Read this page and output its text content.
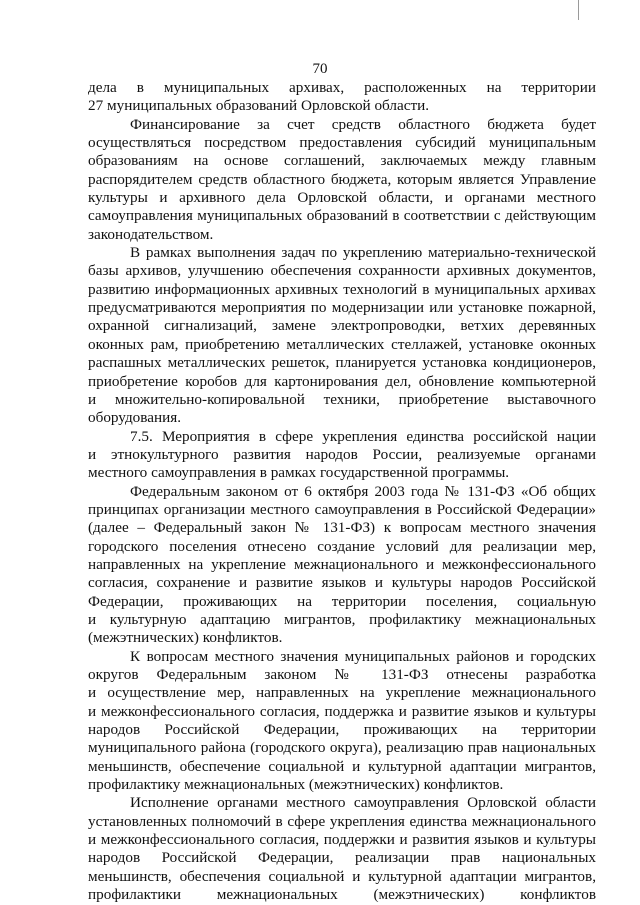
70

дела в муниципальных архивах, расположенных на территории
27 муниципальных образований Орловской области.

Финансирование за счет средств областного бюджета будет
осуществляться посредством предоставления субсидий муниципальным
образованиям на основе соглашений, заключаемых между главным
распорядителем средств областного бюджета, которым является Управление
культуры и архивного дела Орловской области, и органами местного
самоуправления муниципальных образований в соответствии с действующим
законодательством.

В рамках выполнения задач по укреплению материально-технической
базы архивов, улучшению обеспечения сохранности архивных документов,
развитию информационных архивных технологий в муниципальных архивах
предусматриваются мероприятия по модернизации или установке пожарной,
охранной сигнализаций, замене электропроводки, ветхих деревянных
оконных рам, приобретению металлических стеллажей, установке оконных
распашных металлических решеток, планируется установка кондиционеров,
приобретение коробов для картонирования дел, обновление компьютерной
и множительно-копировальной техники, приобретение выставочного
оборудования.

7.5. Мероприятия в сфере укрепления единства российской нации
и этнокультурного развития народов России, реализуемые органами
местного самоуправления в рамках государственной программы.

Федеральным законом от 6 октября 2003 года № 131-ФЗ «Об общих
принципах организации местного самоуправления в Российской Федерации»
(далее – Федеральный закон № 131-ФЗ) к вопросам местного значения
городского поселения отнесено создание условий для реализации мер,
направленных на укрепление межнационального и межконфессионального
согласия, сохранение и развитие языков и культуры народов Российской
Федерации, проживающих на территории поселения, социальную
и культурную адаптацию мигрантов, профилактику межнациональных
(межэтнических) конфликтов.

К вопросам местного значения муниципальных районов и городских
округов Федеральным законом № 131-ФЗ отнесены разработка
и осуществление мер, направленных на укрепление межнационального
и межконфессионального согласия, поддержка и развитие языков и культуры
народов Российской Федерации, проживающих на территории
муниципального района (городского округа), реализацию прав национальных
меньшинств, обеспечение социальной и культурной адаптации мигрантов,
профилактику межнациональных (межэтнических) конфликтов.

Исполнение органами местного самоуправления Орловской области
установленных полномочий в сфере укрепления единства межнационального
и межконфессионального согласия, поддержки и развития языков и культуры
народов Российской Федерации, реализации прав национальных
меньшинств, обеспечения социальной и культурной адаптации мигрантов,
профилактики межнациональных (межэтнических) конфликтов
